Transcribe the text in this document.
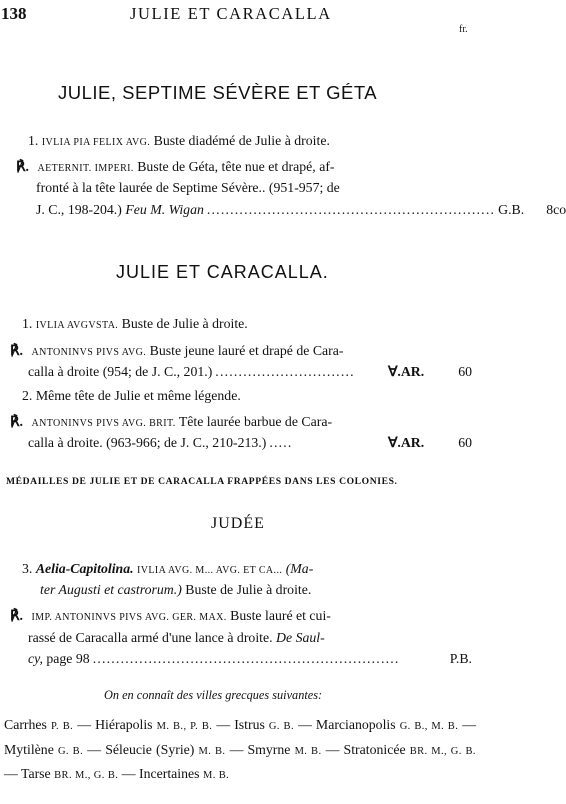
138	JULIE ET CARACALLA
fr.
JULIE, SEPTIME SÉVÈRE ET GÉTA
1. IVLIA PIA FELIX AVG. Buste diadémé de Julie à droite.
℟. AETERNIT. IMPERI. Buste de Géta, tête nue et drapé, af-
fronté à la tête laurée de Septime Sévère.. (951-957; de
J. C., 198-204.) Feu M. Wigan .............................................................. G.B. 8co
JULIE ET CARACALLA.
1. IVLIA AVGVSTA. Buste de Julie à droite.
℟. ANTONINVS PIVS AVG. Buste jeune lauré et drapé de Cara-
calla à droite (954; de J. C., 201.) ..............................	Ɐ.AR. 60
2. Même tête de Julie et même légende.
℟. ANTONINVS PIVS AVG. BRIT. Tête laurée barbue de Cara-
calla à droite. (963-966; de J. C., 210-213.) .....	Ɐ.AR. 60
MÉDAILLES DE JULIE ET DE CARACALLA FRAPPÉES DANS LES COLONIES.
JUDÉE
3. Aelia-Capitolina. IVLIA AVG. M... AVG. ET CA... (Ma-
ter Augusti et castrorum.) Buste de Julie à droite.
℟. IMP. ANTONINVS PIVS AVG. GER. MAX. Buste lauré et cui-
rassé de Caracalla armé d'une lance à droite. De Saul-
cy, page 98 ..................................................................	P.B.
On en connaît des villes grecques suivantes:
Carrhes P. B. — Hiérapolis M. B., P. B. — Istrus G. B. — Marcianopolis G. B., M. B. — Mytilène G. B. — Séleucie (Syrie) M. B. — Smyrne M. B. — Stratonicée BR. M., G. B. — Tarse BR. M., G. B. — Incertaines M. B.
